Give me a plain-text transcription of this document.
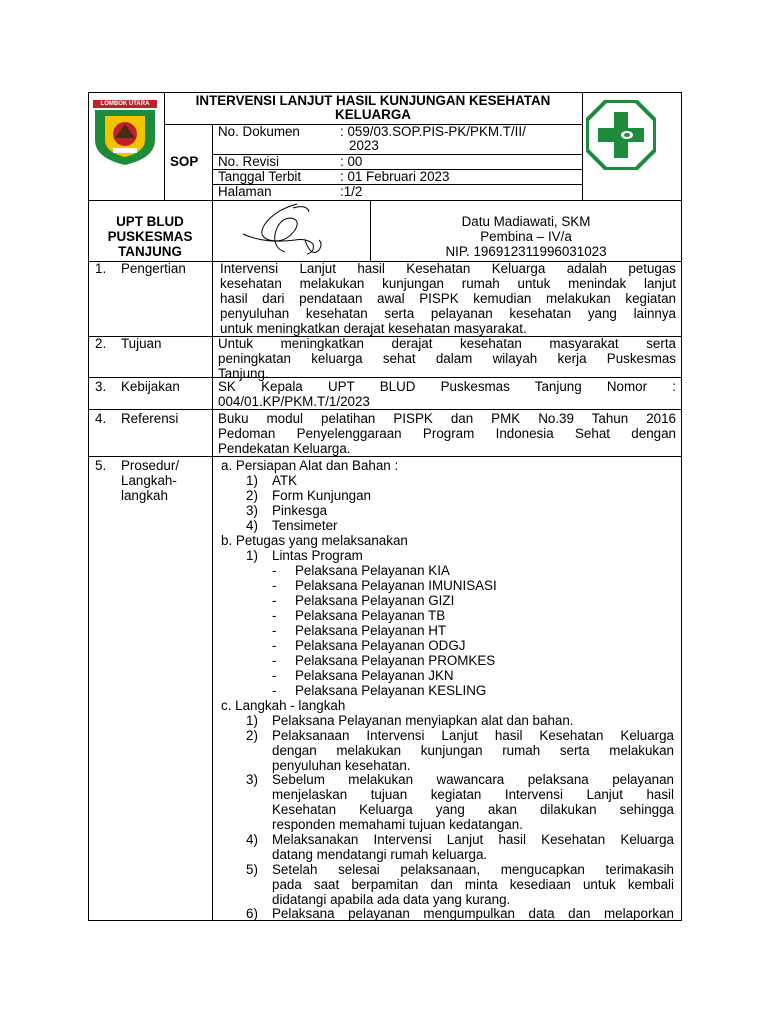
LOMBOK UTARA	INTERVENSI LANJUT HASIL KUNJUNGAN KESEHATAN
KELUARGA
SOP
No. Dokumen	: 059/03.SOP.PIS-PK/PKM.T/II/
2023
No. Revisi	: 00
Tanggal Terbit	: 01 Februari 2023
Halaman	:1/2
UPT BLUD
PUSKESMAS
TANJUNG
Datu Madiawati, SKM
Pembina – IV/a
NIP. 196912311996031023
1. Pengertian	Intervensi Lanjut hasil Kesehatan Keluarga adalah petugas
kesehatan melakukan kunjungan rumah untuk menindak lanjut
hasil dari pendataan awal PISPK kemudian melakukan kegiatan
penyuluhan kesehatan serta pelayanan kesehatan yang lainnya
untuk meningkatkan derajat kesehatan masyarakat.
2. Tujuan	Untuk meningkatkan derajat kesehatan masyarakat serta
peningkatan keluarga sehat dalam wilayah kerja Puskesmas
Tanjung.
3. Kebijakan	SK Kepala UPT BLUD Puskesmas Tanjung Nomor :
004/01.KP/PKM.T/1/2023
4. Referensi	Buku modul pelatihan PISPK dan PMK No.39 Tahun 2016
Pedoman Penyelenggaraan Program Indonesia Sehat dengan
Pendekatan Keluarga.
5. Prosedur/
Langkah-
langkah
a. Persiapan Alat dan Bahan :
1) ATK
2) Form Kunjungan
3) Pinkesga
4) Tensimeter
b. Petugas yang melaksanakan
1) Lintas Program
- Pelaksana Pelayanan KIA
- Pelaksana Pelayanan IMUNISASI
- Pelaksana Pelayanan GIZI
- Pelaksana Pelayanan TB
- Pelaksana Pelayanan HT
- Pelaksana Pelayanan ODGJ
- Pelaksana Pelayanan PROMKES
- Pelaksana Pelayanan JKN
- Pelaksana Pelayanan KESLING
c. Langkah - langkah
1) Pelaksana Pelayanan menyiapkan alat dan bahan.
2) Pelaksanaan Intervensi Lanjut hasil Kesehatan Keluarga
dengan melakukan kunjungan rumah serta melakukan
penyuluhan kesehatan.
3) Sebelum melakukan wawancara pelaksana pelayanan
menjelaskan tujuan kegiatan Intervensi Lanjut hasil
Kesehatan Keluarga yang akan dilakukan sehingga
responden memahami tujuan kedatangan.
4) Melaksanakan Intervensi Lanjut hasil Kesehatan Keluarga
datang mendatangi rumah keluarga.
5) Setelah selesai pelaksanaan, mengucapkan terimakasih
pada saat berpamitan dan minta kesediaan untuk kembali
didatangi apabila ada data yang kurang.
6) Pelaksana pelayanan mengumpulkan data dan melaporkan
